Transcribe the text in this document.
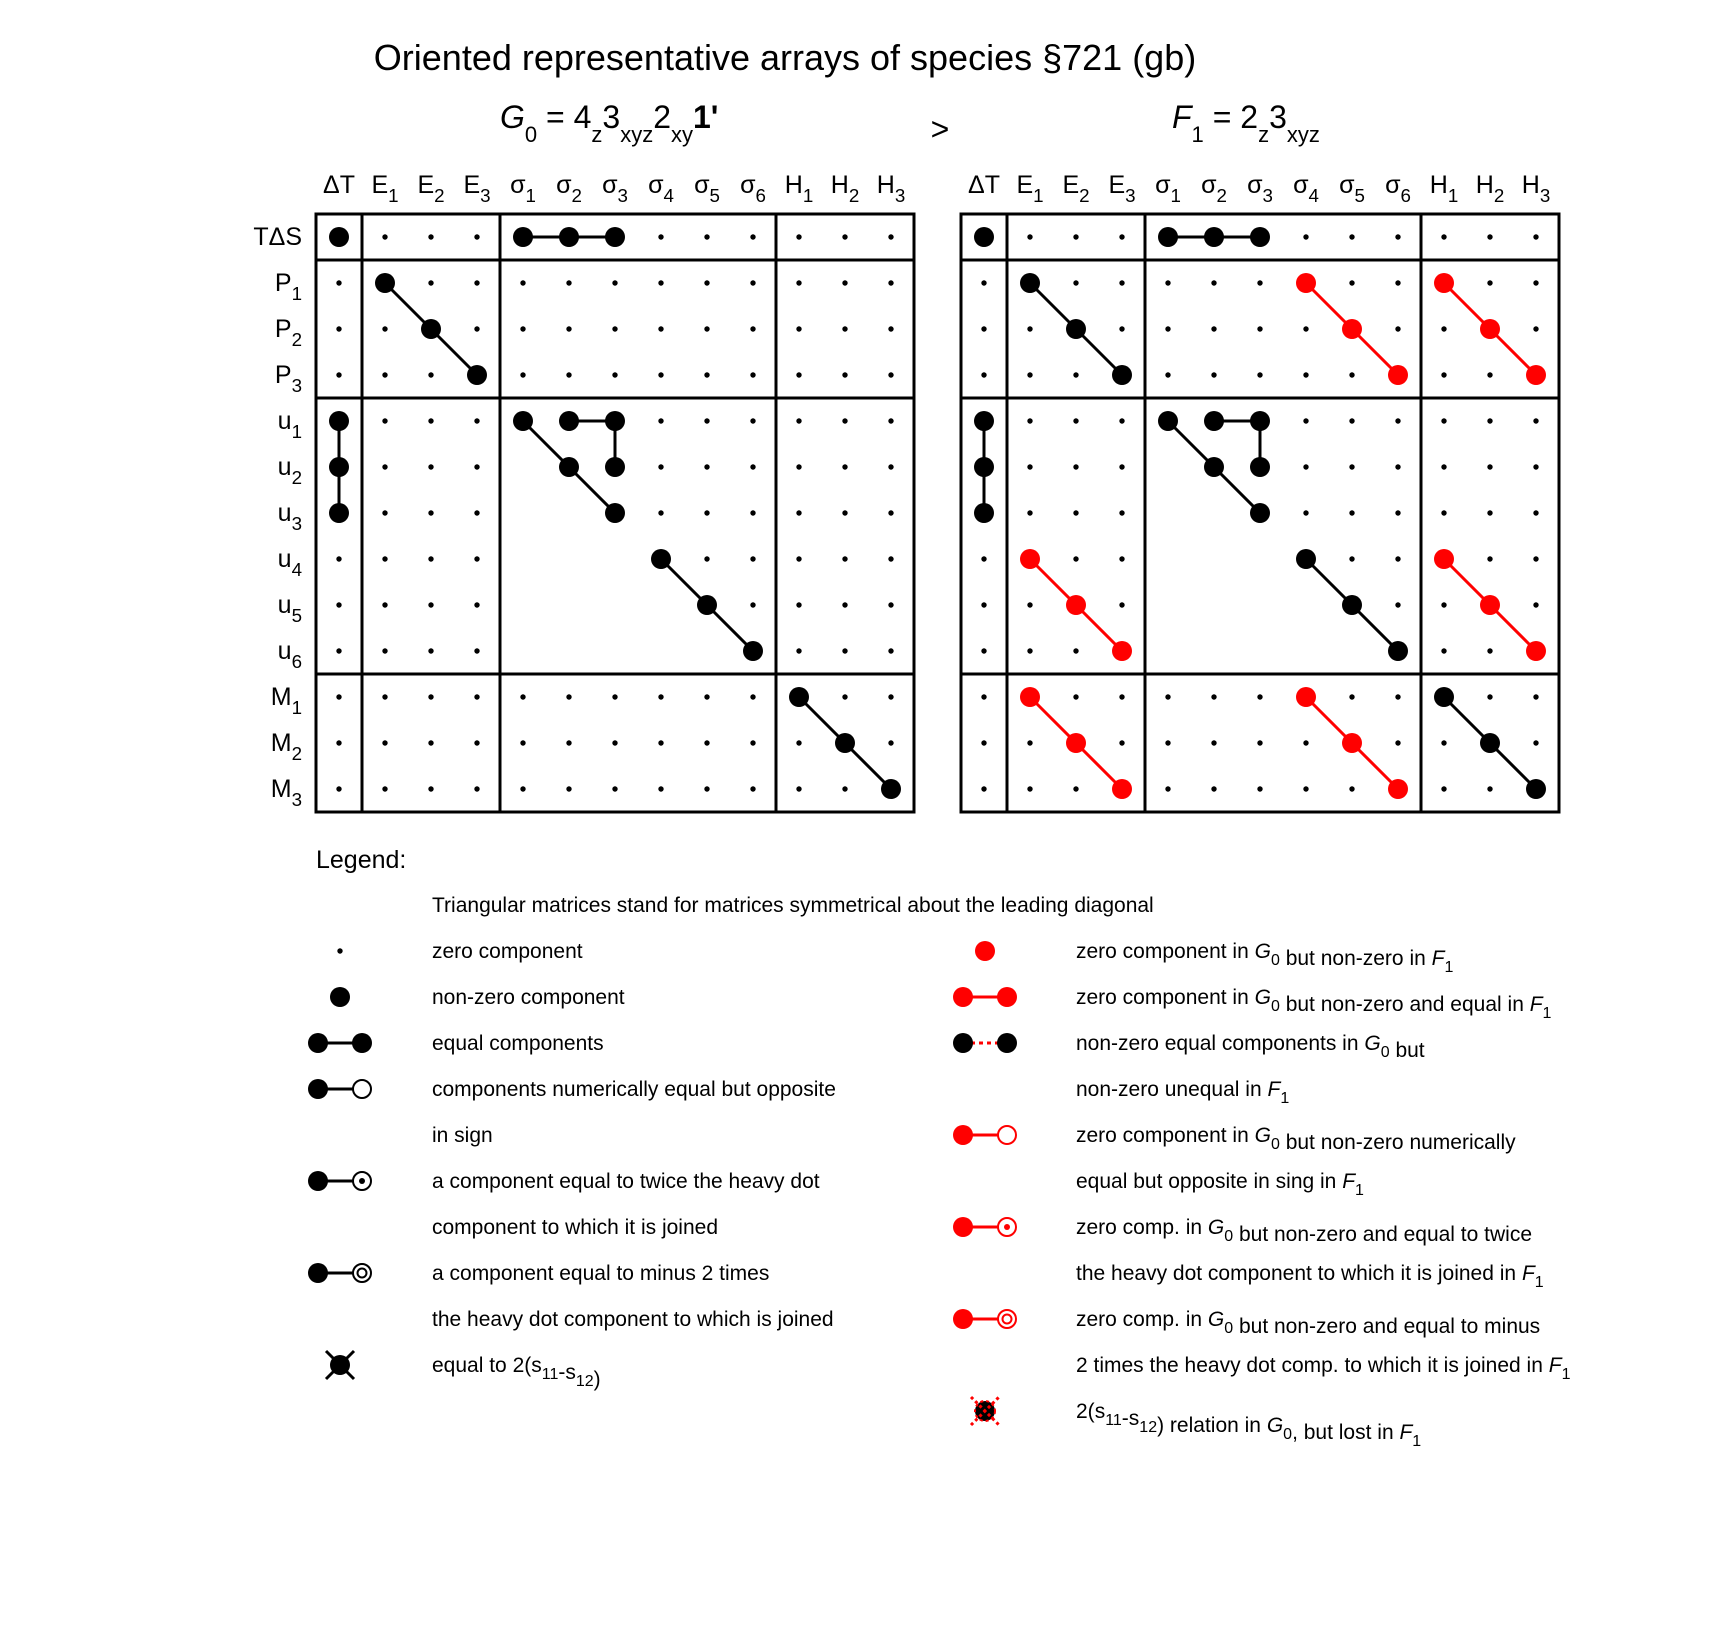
Oriented representative arrays of species §721 (gb)
>
$G_0 = 4_z3_{xyz}2_{xy}1'$	$F_1 = 2_z3_{xyz}$
TΔS
$P_1$
$P_2$
$P_3$
$u_1$
$u_2$
$u_3$
$u_4$
$u_5$
$u_6$
$M_1$
$M_2$
$M_3$
ΔT $E_1$ $E_2$ $E_3$ $\sigma_1$ $\sigma_2$ $\sigma_3$ $\sigma_4$ $\sigma_5$ $\sigma_6$ $H_1$ $H_2$ $H_3$	ΔT $E_1$ $E_2$ $E_3$ $\sigma_1$ $\sigma_2$ $\sigma_3$ $\sigma_4$ $\sigma_5$ $\sigma_6$ $H_1$ $H_2$ $H_3$
Legend:
Triangular matrices stand for matrices symmetrical about the leading diagonal
zero component
non-zero component
equal components
components numerically equal but opposite
in sign
a component equal to twice the heavy dot
component to which it is joined
a component equal to minus 2 times
the heavy dot component to which is joined
equal to $2(s_{11}-s_{12})$
zero component in $G_0$ but non-zero in $F_1$
zero component in $G_0$ but non-zero and equal in $F_1$
non-zero equal components in $G_0$ but
non-zero unequal in $F_1$
zero component in $G_0$ but non-zero numerically
equal but opposite in sing in $F_1$
zero comp. in $G_0$ but non-zero and equal to twice
the heavy dot component to which it is joined in $F_1$
zero comp. in $G_0$ but non-zero and equal to minus
2 times the heavy dot comp. to which it is joined in $F_1$
$2(s_{11}-s_{12})$ relation in $G_0$, but lost in $F_1$
